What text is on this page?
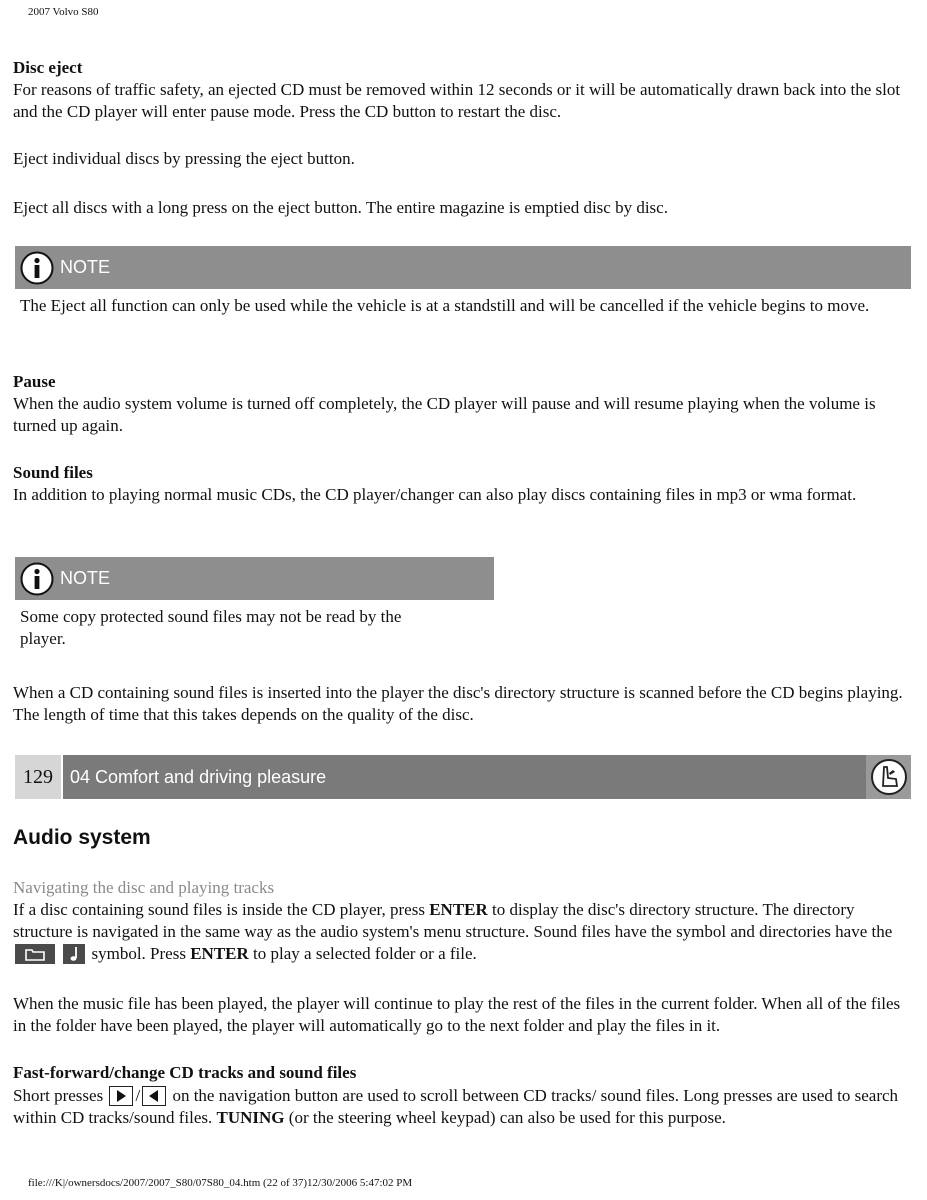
2007 Volvo S80
Disc eject

For reasons of traffic safety, an ejected CD must be removed within 12 seconds or it will be automatically drawn back into the slot and the CD player will enter pause mode. Press the CD button to restart the disc.

Eject individual discs by pressing the eject button.

Eject all discs with a long press on the eject button. The entire magazine is emptied disc by disc.

NOTE

The Eject all function can only be used while the vehicle is at a standstill and will be cancelled if the vehicle begins to move.

Pause

When the audio system volume is turned off completely, the CD player will pause and will resume playing when the volume is turned up again.

Sound files

In addition to playing normal music CDs, the CD player/changer can also play discs containing files in mp3 or wma format.

NOTE

Some copy protected sound files may not be read by the player.

When a CD containing sound files is inserted into the player the disc's directory structure is scanned before the CD begins playing. The length of time that this takes depends on the quality of the disc.

129 04 Comfort and driving pleasure
Audio system
Navigating the disc and playing tracks

If a disc containing sound files is inside the CD player, press ENTER to display the disc's directory structure. The directory structure is navigated in the same way as the audio system's menu structure. Sound files have the symbol and directories have the  symbol. Press ENTER to play a selected folder or a file.

When the music file has been played, the player will continue to play the rest of the files in the current folder. When all of the files in the folder have been played, the player will automatically go to the next folder and play the files in it.

Fast-forward/change CD tracks and sound files

Short presses / on the navigation button are used to scroll between CD tracks/ sound files. Long presses are used to search within CD tracks/sound files. TUNING (or the steering wheel keypad) can also be used for this purpose.

file:///K|/ownersdocs/2007/2007_S80/07S80_04.htm (22 of 37)12/30/2006 5:47:02 PM
